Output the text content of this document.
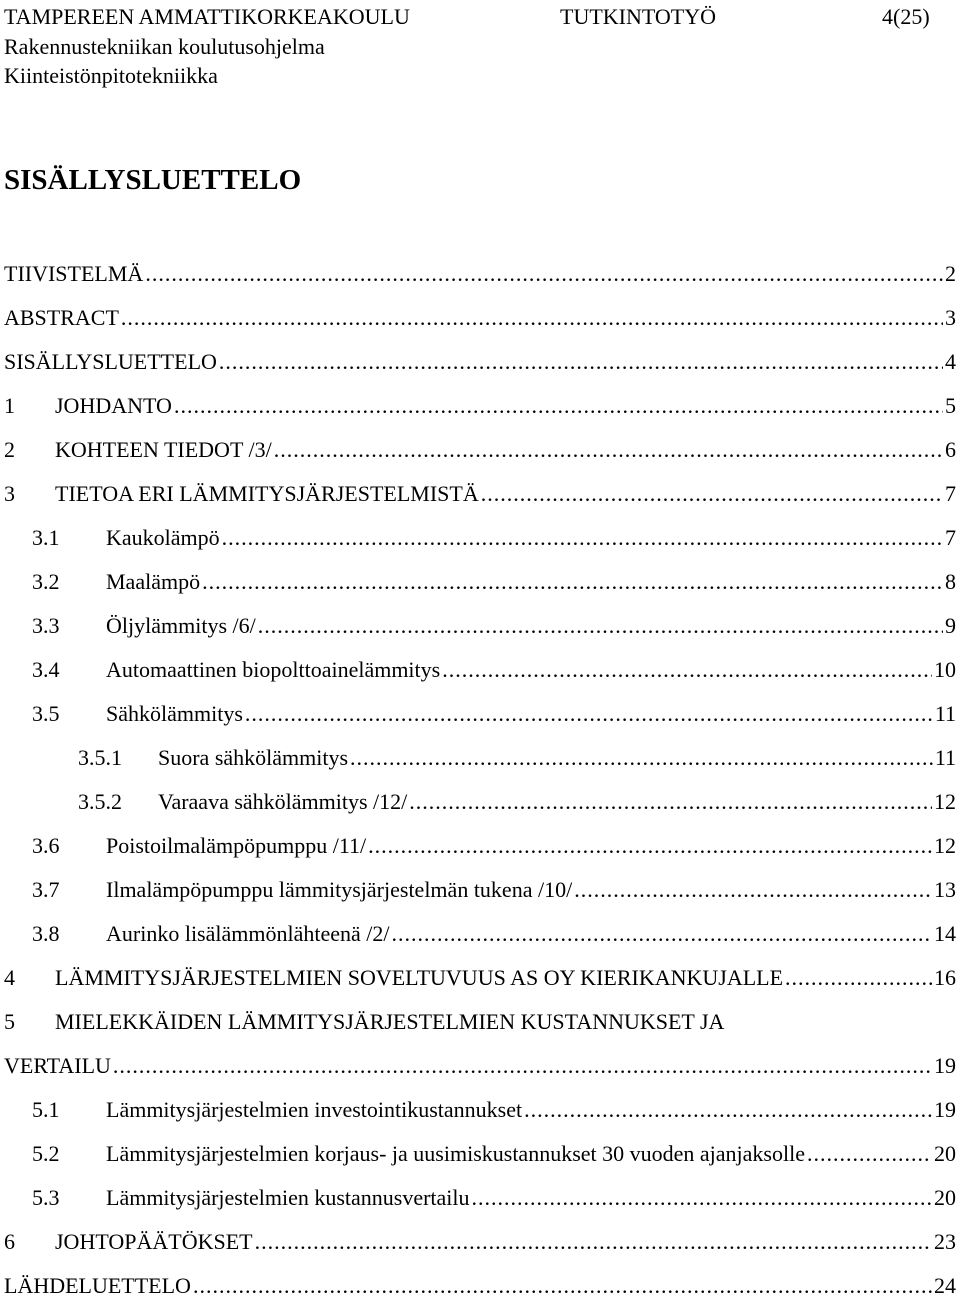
TAMPEREEN AMMATTIKORKEAKOULU	TUTKINTOTYÖ	4(25)
Rakennustekniikan koulutusohjelma
Kiinteistönpitotekniikka
SISÄLLYSLUETTELO
TIIVISTELMÄ .....	2
ABSTRACT .....	3
SISÄLLYSLUETTELO .....	4
1	JOHDANTO .....	5
2	KOHTEEN TIEDOT /3/ .....	6
3	TIETOA ERI LÄMMITYSJÄRJESTELMISTÄ .....	7
3.1	Kaukolämpö .....	7
3.2	Maalämpö .....	8
3.3	Öljylämmitys /6/ .....	9
3.4	Automaattinen biopolttoainelämmitys .....	10
3.5	Sähkölämmitys .....	11
3.5.1	Suora sähkölämmitys .....	11
3.5.2	Varaava sähkölämmitys /12/ .....	12
3.6	Poistoilmalämpöpumppu /11/ .....	12
3.7	Ilmalämpöpumppu lämmitysjärjestelmän tukena /10/ .....	13
3.8	Aurinko lisälämmönlähteenä /2/ .....	14
4	LÄMMITYSJÄRJESTELMIEN SOVELTUVUUS AS OY KIERIKANKUJALLE .....	16
5 MIELEKKÄIDEN LÄMMITYSJÄRJESTELMIEN KUSTANNUKSET JA
VERTAILU .....	19
5.1	Lämmitysjärjestelmien investointikustannukset .....	19
5.2	Lämmitysjärjestelmien korjaus- ja uusimiskustannukset 30 vuoden ajanjaksolle .....	20
5.3	Lämmitysjärjestelmien kustannusvertailu .....	20
6	JOHTOPÄÄTÖKSET .....	23
LÄHDELUETTELO .....	24
